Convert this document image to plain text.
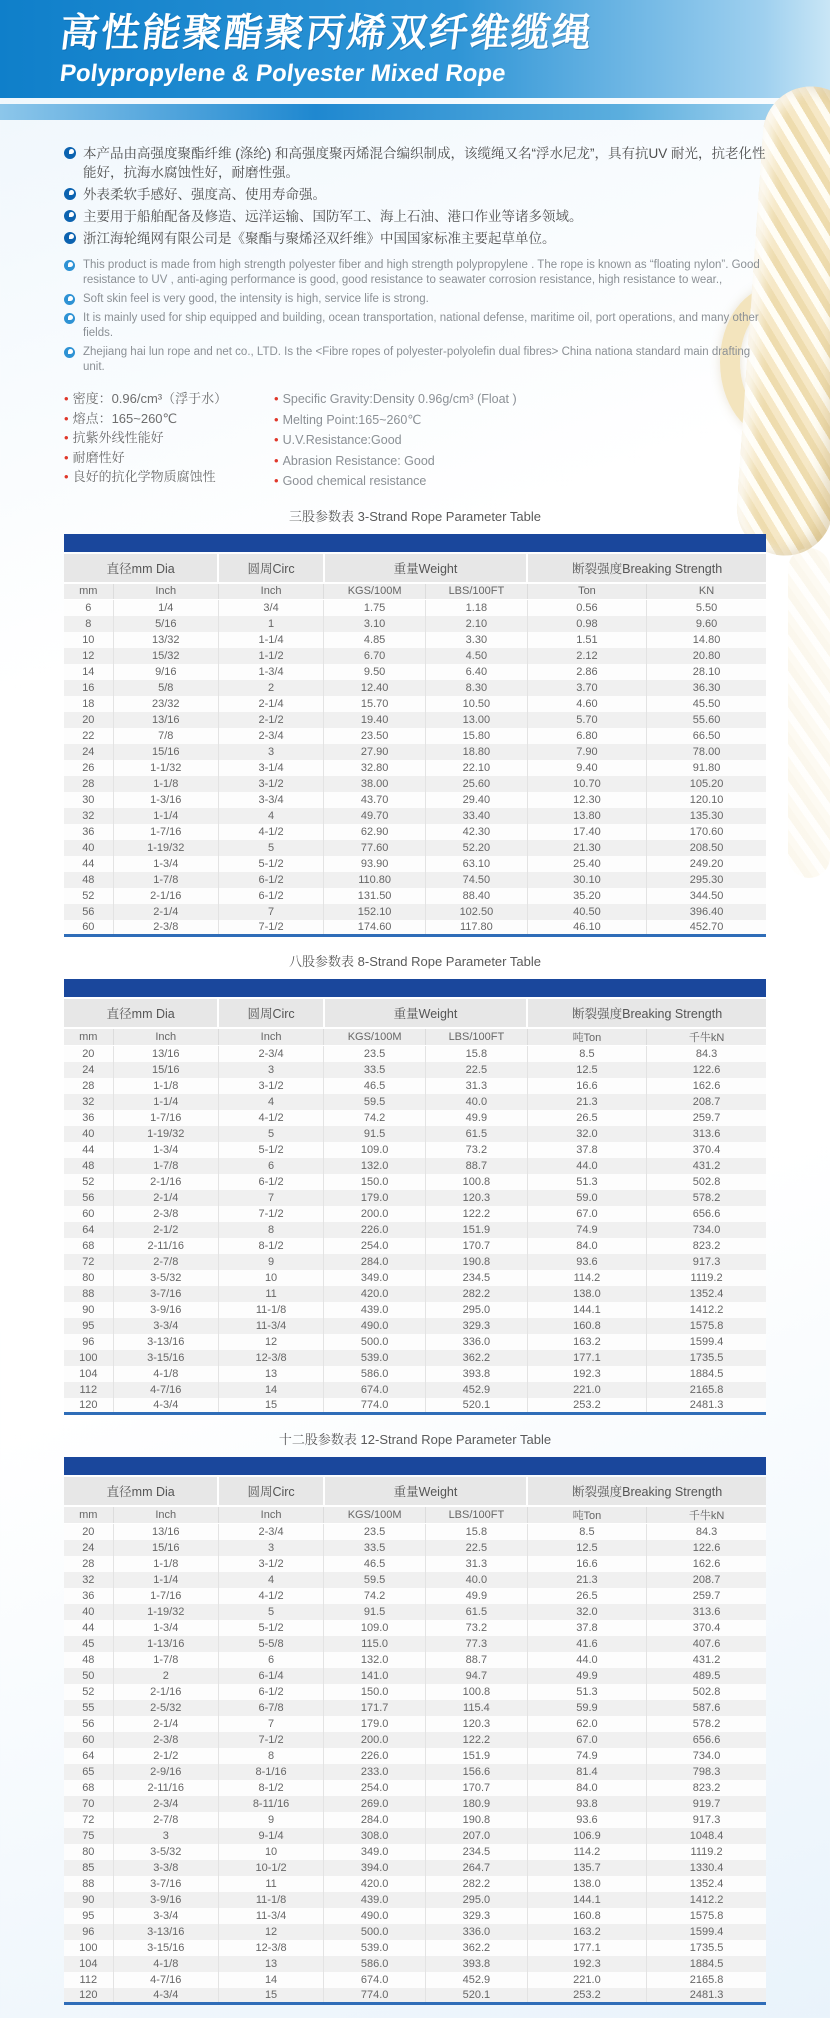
高性能聚酯聚丙烯双纤维缆绳
Polypropylene & Polyester Mixed Rope
本产品由高强度聚酯纤维 (涤纶) 和高强度聚丙烯混合编织制成，该缆绳又名“浮水尼龙”，具有抗UV 耐光，抗老化性能好，抗海水腐蚀性好，耐磨性强。
外表柔软手感好、强度高、使用寿命强。
主要用于船舶配备及修造、远洋运输、国防军工、海上石油、港口作业等诸多领域。
浙江海轮绳网有限公司是《聚酯与聚烯泾双纤维》中国国家标准主要起草单位。
This product is made from high strength polyester fiber and high strength polypropylene . The rope is known as “floating nylon”. Good resistance to UV , anti-aging performance is good, good resistance to seawater corrosion resistance, high resistance to wear.,
Soft skin feel is very good, the intensity is high, service life is strong.
It is mainly used for ship equipped and building, ocean transportation, national defense, maritime oil, port operations, and many other fields.
Zhejiang hai lun rope and net co., LTD. Is the <Fibre ropes of polyester-polyolefin dual fibres> China nationa standard main drafting unit.
• 密度：0.96/cm³（浮于水）
• 熔点：165~260℃
• 抗紫外线性能好
• 耐磨性好
• 良好的抗化学物质腐蚀性
• Specific Gravity:Density 0.96g/cm³ (Float )
• Melting Point:165~260℃
• U.V.Resistance:Good
• Abrasion Resistance: Good
• Good chemical resistance
三股参数表 3-Strand Rope Parameter Table
直径mm Dia		圆周Circ	重量Weight		断裂强度Breaking Strength	
mm	Inch	Inch	KGS/100M	LBS/100FT	Ton	KN
6	1/4	3/4	1.75	1.18	0.56	5.50
8	5/16	1	3.10	2.10	0.98	9.60
10	13/32	1-1/4	4.85	3.30	1.51	14.80
12	15/32	1-1/2	6.70	4.50	2.12	20.80
14	9/16	1-3/4	9.50	6.40	2.86	28.10
16	5/8	2	12.40	8.30	3.70	36.30
18	23/32	2-1/4	15.70	10.50	4.60	45.50
20	13/16	2-1/2	19.40	13.00	5.70	55.60
22	7/8	2-3/4	23.50	15.80	6.80	66.50
24	15/16	3	27.90	18.80	7.90	78.00
26	1-1/32	3-1/4	32.80	22.10	9.40	91.80
28	1-1/8	3-1/2	38.00	25.60	10.70	105.20
30	1-3/16	3-3/4	43.70	29.40	12.30	120.10
32	1-1/4	4	49.70	33.40	13.80	135.30
36	1-7/16	4-1/2	62.90	42.30	17.40	170.60
40	1-19/32	5	77.60	52.20	21.30	208.50
44	1-3/4	5-1/2	93.90	63.10	25.40	249.20
48	1-7/8	6-1/2	110.80	74.50	30.10	295.30
52	2-1/16	6-1/2	131.50	88.40	35.20	344.50
56	2-1/4	7	152.10	102.50	40.50	396.40
60	2-3/8	7-1/2	174.60	117.80	46.10	452.70
八股参数表 8-Strand Rope Parameter Table
直径mm Dia		圆周Circ	重量Weight		断裂强度Breaking Strength	
mm	Inch	Inch	KGS/100M	LBS/100FT	吨Ton	千牛kN
20	13/16	2-3/4	23.5	15.8	8.5	84.3
24	15/16	3	33.5	22.5	12.5	122.6
28	1-1/8	3-1/2	46.5	31.3	16.6	162.6
32	1-1/4	4	59.5	40.0	21.3	208.7
36	1-7/16	4-1/2	74.2	49.9	26.5	259.7
40	1-19/32	5	91.5	61.5	32.0	313.6
44	1-3/4	5-1/2	109.0	73.2	37.8	370.4
48	1-7/8	6	132.0	88.7	44.0	431.2
52	2-1/16	6-1/2	150.0	100.8	51.3	502.8
56	2-1/4	7	179.0	120.3	59.0	578.2
60	2-3/8	7-1/2	200.0	122.2	67.0	656.6
64	2-1/2	8	226.0	151.9	74.9	734.0
68	2-11/16	8-1/2	254.0	170.7	84.0	823.2
72	2-7/8	9	284.0	190.8	93.6	917.3
80	3-5/32	10	349.0	234.5	114.2	1119.2
88	3-7/16	11	420.0	282.2	138.0	1352.4
90	3-9/16	11-1/8	439.0	295.0	144.1	1412.2
95	3-3/4	11-3/4	490.0	329.3	160.8	1575.8
96	3-13/16	12	500.0	336.0	163.2	1599.4
100	3-15/16	12-3/8	539.0	362.2	177.1	1735.5
104	4-1/8	13	586.0	393.8	192.3	1884.5
112	4-7/16	14	674.0	452.9	221.0	2165.8
120	4-3/4	15	774.0	520.1	253.2	2481.3
十二股参数表 12-Strand Rope Parameter Table
直径mm Dia		圆周Circ	重量Weight		断裂强度Breaking Strength	
mm	Inch	Inch	KGS/100M	LBS/100FT	吨Ton	千牛kN
20	13/16	2-3/4	23.5	15.8	8.5	84.3
24	15/16	3	33.5	22.5	12.5	122.6
28	1-1/8	3-1/2	46.5	31.3	16.6	162.6
32	1-1/4	4	59.5	40.0	21.3	208.7
36	1-7/16	4-1/2	74.2	49.9	26.5	259.7
40	1-19/32	5	91.5	61.5	32.0	313.6
44	1-3/4	5-1/2	109.0	73.2	37.8	370.4
45	1-13/16	5-5/8	115.0	77.3	41.6	407.6
48	1-7/8	6	132.0	88.7	44.0	431.2
50	2	6-1/4	141.0	94.7	49.9	489.5
52	2-1/16	6-1/2	150.0	100.8	51.3	502.8
55	2-5/32	6-7/8	171.7	115.4	59.9	587.6
56	2-1/4	7	179.0	120.3	62.0	578.2
60	2-3/8	7-1/2	200.0	122.2	67.0	656.6
64	2-1/2	8	226.0	151.9	74.9	734.0
65	2-9/16	8-1/16	233.0	156.6	81.4	798.3
68	2-11/16	8-1/2	254.0	170.7	84.0	823.2
70	2-3/4	8-11/16	269.0	180.9	93.8	919.7
72	2-7/8	9	284.0	190.8	93.6	917.3
75	3	9-1/4	308.0	207.0	106.9	1048.4
80	3-5/32	10	349.0	234.5	114.2	1119.2
85	3-3/8	10-1/2	394.0	264.7	135.7	1330.4
88	3-7/16	11	420.0	282.2	138.0	1352.4
90	3-9/16	11-1/8	439.0	295.0	144.1	1412.2
95	3-3/4	11-3/4	490.0	329.3	160.8	1575.8
96	3-13/16	12	500.0	336.0	163.2	1599.4
100	3-15/16	12-3/8	539.0	362.2	177.1	1735.5
104	4-1/8	13	586.0	393.8	192.3	1884.5
112	4-7/16	14	674.0	452.9	221.0	2165.8
120	4-3/4	15	774.0	520.1	253.2	2481.3
